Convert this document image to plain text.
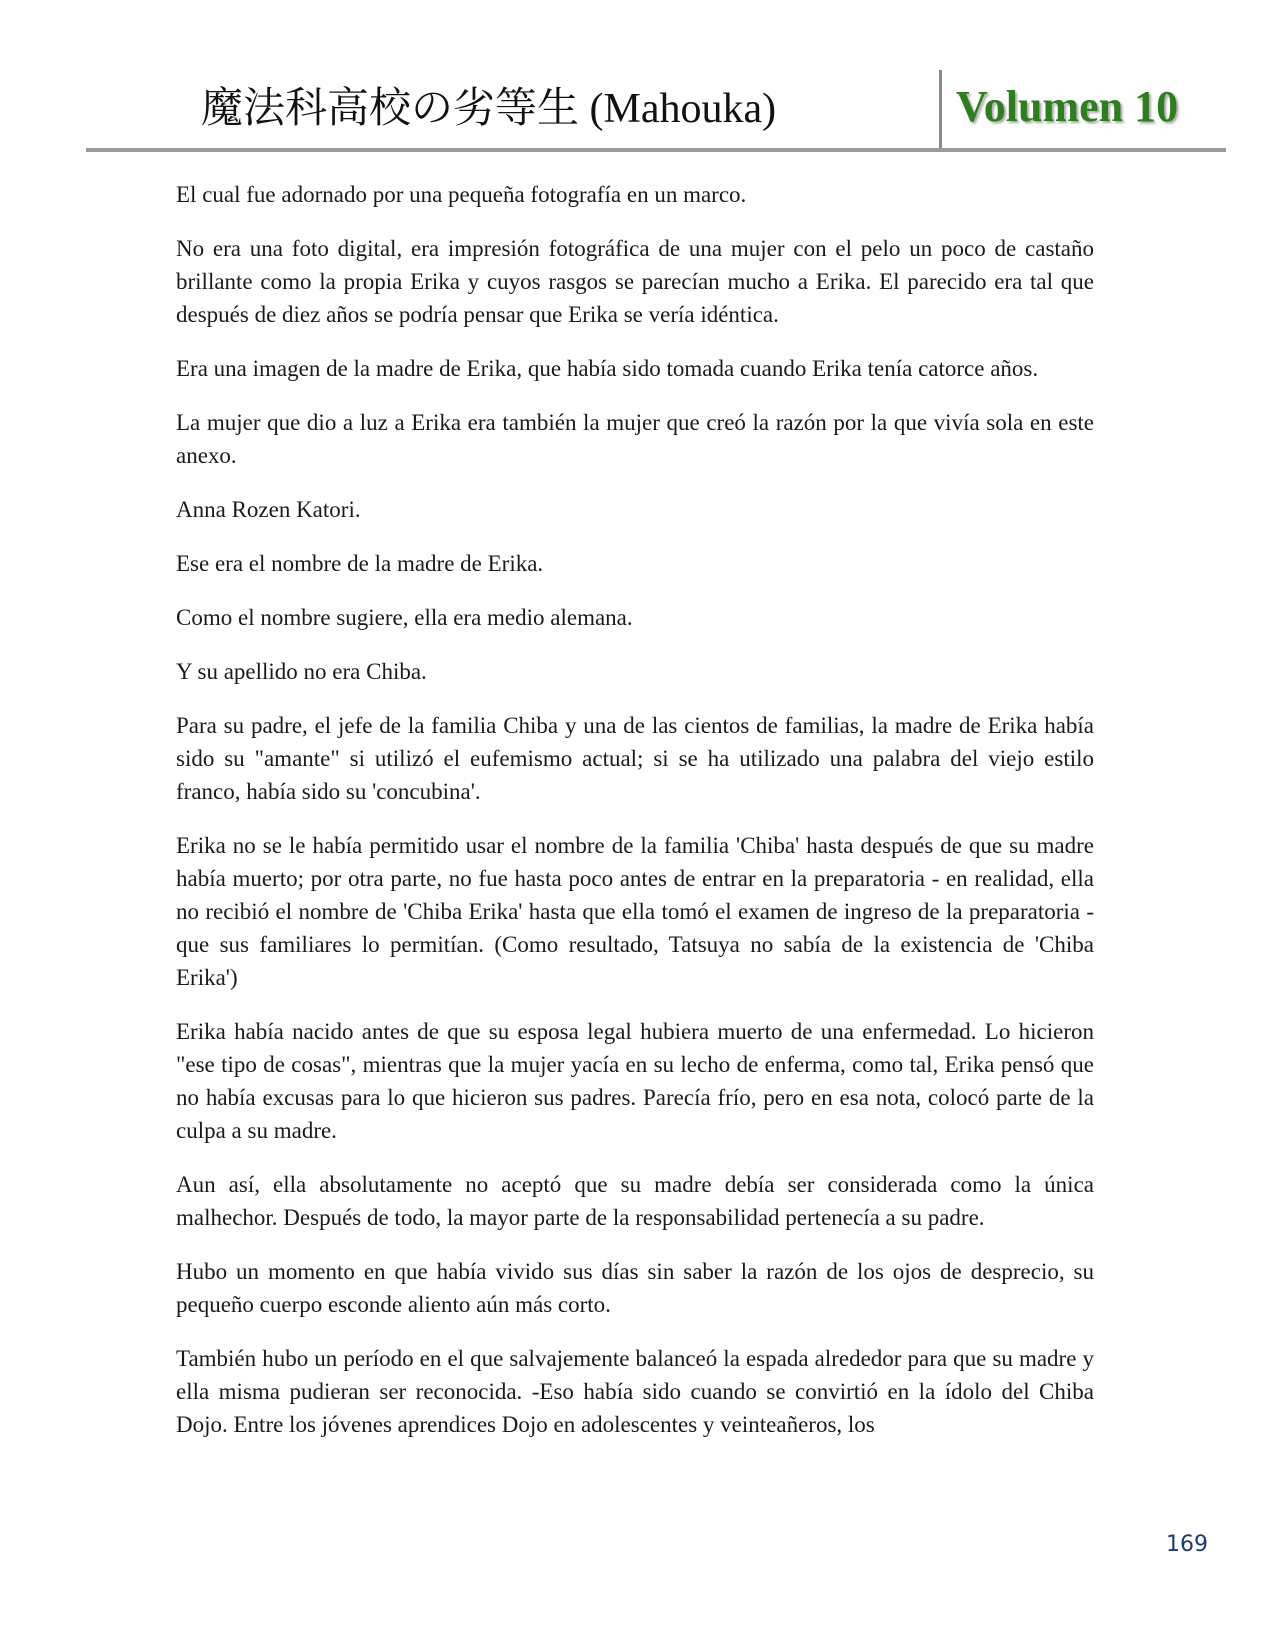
魔法科高校の劣等生 (Mahouka)	Volumen 10

El cual fue adornado por una pequeña fotografía en un marco.

No era una foto digital, era impresión fotográfica de una mujer con el pelo un poco de castaño brillante como la propia Erika y cuyos rasgos se parecían mucho a Erika. El parecido era tal que después de diez años se podría pensar que Erika se vería idéntica.

Era una imagen de la madre de Erika, que había sido tomada cuando Erika tenía catorce años.

La mujer que dio a luz a Erika era también la mujer que creó la razón por la que vivía sola en este anexo.

Anna Rozen Katori.

Ese era el nombre de la madre de Erika.

Como el nombre sugiere, ella era medio alemana.

Y su apellido no era Chiba.

Para su padre, el jefe de la familia Chiba y una de las cientos de familias, la madre de Erika había sido su "amante" si utilizó el eufemismo actual; si se ha utilizado una palabra del viejo estilo franco, había sido su 'concubina'.

Erika no se le había permitido usar el nombre de la familia 'Chiba' hasta después de que su madre había muerto; por otra parte, no fue hasta poco antes de entrar en la preparatoria - en realidad, ella no recibió el nombre de 'Chiba Erika' hasta que ella tomó el examen de ingreso de la preparatoria - que sus familiares lo permitían. (Como resultado, Tatsuya no sabía de la existencia de 'Chiba Erika')

Erika había nacido antes de que su esposa legal hubiera muerto de una enfermedad. Lo hicieron "ese tipo de cosas", mientras que la mujer yacía en su lecho de enferma, como tal, Erika pensó que no había excusas para lo que hicieron sus padres. Parecía frío, pero en esa nota, colocó parte de la culpa a su madre.

Aun así, ella absolutamente no aceptó que su madre debía ser considerada como la única malhechor. Después de todo, la mayor parte de la responsabilidad pertenecía a su padre.

Hubo un momento en que había vivido sus días sin saber la razón de los ojos de desprecio, su pequeño cuerpo esconde aliento aún más corto.

También hubo un período en el que salvajemente balanceó la espada alrededor para que su madre y ella misma pudieran ser reconocida. -Eso había sido cuando se convirtió en la ídolo del Chiba Dojo. Entre los jóvenes aprendices Dojo en adolescentes y veinteañeros, los

169
